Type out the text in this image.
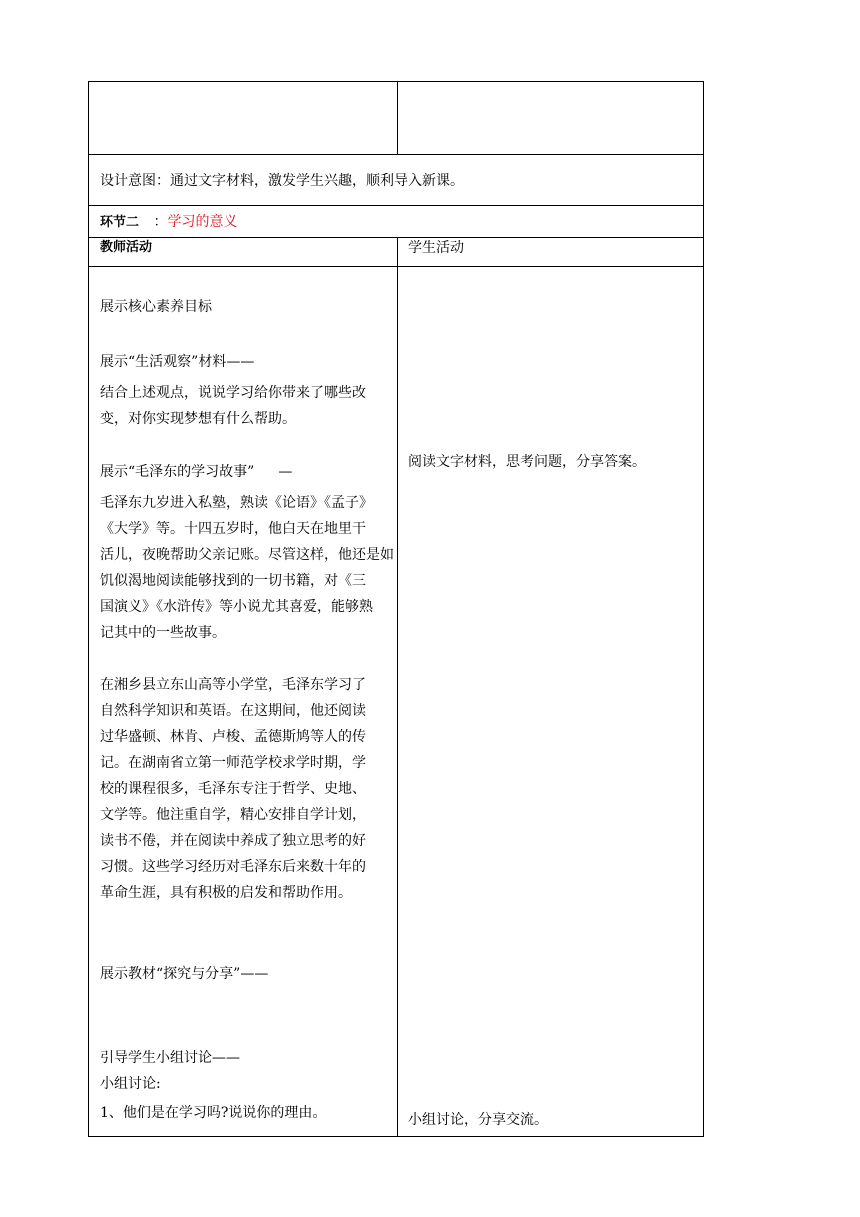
设计意图：通过文字材料，激发学生兴趣，顺利导入新课。
环节二 ：学习的意义
教师活动	学生活动
展示核心素养目标
展示“生活观察”材料——
结合上述观点，说说学习给你带来了哪些改
变，对你实现梦想有什么帮助。
展示“毛泽东的学习故事” —
毛泽东九岁进入私塾，熟读《论语》《孟子》
《大学》等。十四五岁时，他白天在地里干
活儿，夜晚帮助父亲记账。尽管这样，他还是如
饥似渴地阅读能够找到的一切书籍，对《三
国演义》《水浒传》等小说尤其喜爱，能够熟
记其中的一些故事。
在湘乡县立东山高等小学堂，毛泽东学习了
自然科学知识和英语。在这期间，他还阅读
过华盛顿、林肯、卢梭、孟德斯鸠等人的传
记。在湖南省立第一师范学校求学时期，学
校的课程很多，毛泽东专注于哲学、史地、
文学等。他注重自学，精心安排自学计划，
读书不倦，并在阅读中养成了独立思考的好
习惯。这些学习经历对毛泽东后来数十年的
革命生涯，具有积极的启发和帮助作用。
展示教材“探究与分享”——
引导学生小组讨论——
小组讨论:
1、他们是在学习吗?说说你的理由。
阅读文字材料，思考问题，分享答案。
小组讨论，分享交流。
